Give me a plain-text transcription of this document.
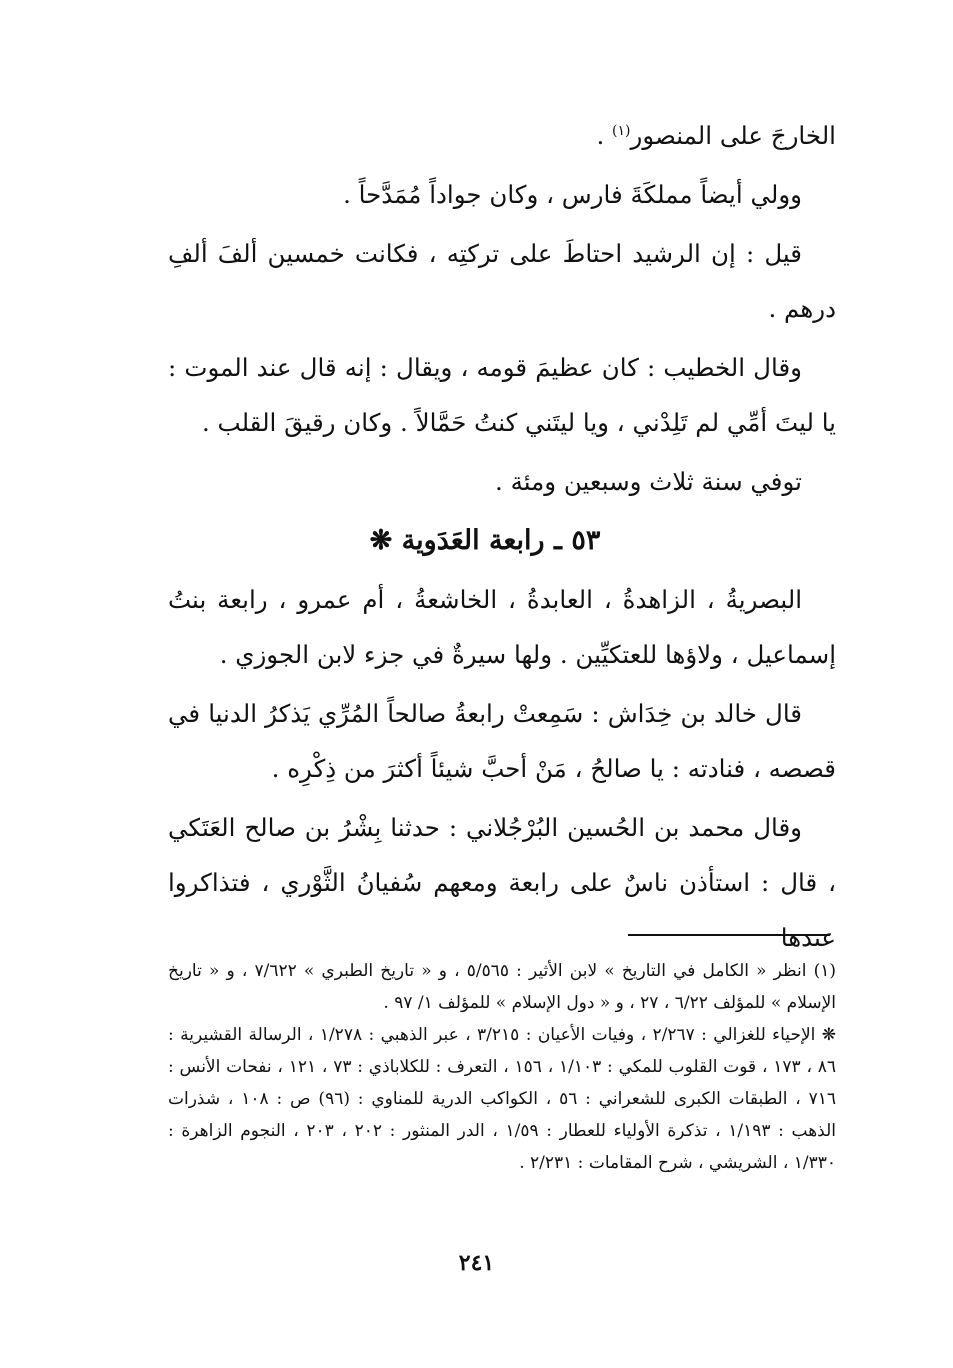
الخارجَ على المنصور$^{(١)}$ .

وولي أيضاً مملكَةَ فارس ، وكان جواداً مُمَدَّحاً .

قيل : إن الرشيد احتاطَ على تركتِه ، فكانت خمسين ألفَ ألفِ درهم .

وقال الخطيب : كان عظيمَ قومه ، ويقال : إنه قال عند الموت : يا ليتَ أمِّي لم تَلِدْني ، ويا ليتَني كنتُ حَمَّالاً . وكان رقيقَ القلب .

توفي سنة ثلاث وسبعين ومئة .

٥٣ ـ رابعة العَدَوية ❋

البصريةُ ، الزاهدةُ ، العابدةُ ، الخاشعةُ ، أم عمرو ، رابعة بنتُ إسماعيل ، ولاؤها للعتكيِّين . ولها سيرةٌ في جزء لابن الجوزي .

قال خالد بن خِدَاش : سَمِعتْ رابعةُ صالحاً المُرِّي يَذكرُ الدنيا في قصصه ، فنادته : يا صالحُ ، مَنْ أحبَّ شيئاً أكثرَ من ذِكْرِه .

وقال محمد بن الحُسين البُرْجُلاني : حدثنا بِشْرُ بن صالح العَتَكي ، قال : استأذن ناسٌ على رابعة ومعهم سُفيانُ الثَّوْري ، فتذاكروا عندها

(١) انظر « الكامل في التاريخ » لابن الأثير : ٥/٥٦٥ ، و « تاريخ الطبري » ٧/٦٢٢ ، و « تاريخ الإسلام » للمؤلف ٦/٢٢ ، ٢٧ ، و « دول الإسلام » للمؤلف ١/ ٩٧ .

❋ الإحياء للغزالي : ٢/٢٦٧ ، وفيات الأعيان : ٣/٢١٥ ، عبر الذهبي : ١/٢٧٨ ، الرسالة القشيرية : ٨٦ ، ١٧٣ ، قوت القلوب للمكي : ١/١٠٣ ، ١٥٦ ، التعرف : للكلاباذي : ٧٣ ، ١٢١ ، نفحات الأنس : ٧١٦ ، الطبقات الكبرى للشعراني : ٥٦ ، الكواكب الدرية للمناوي : (٩٦) ص : ١٠٨ ، شذرات الذهب : ١/١٩٣ ، تذكرة الأولياء للعطار : ١/٥٩ ، الدر المنثور : ٢٠٢ ، ٢٠٣ ، النجوم الزاهرة : ١/٣٣٠ ، الشريشي ، شرح المقامات : ٢/٢٣١ .

٢٤١
